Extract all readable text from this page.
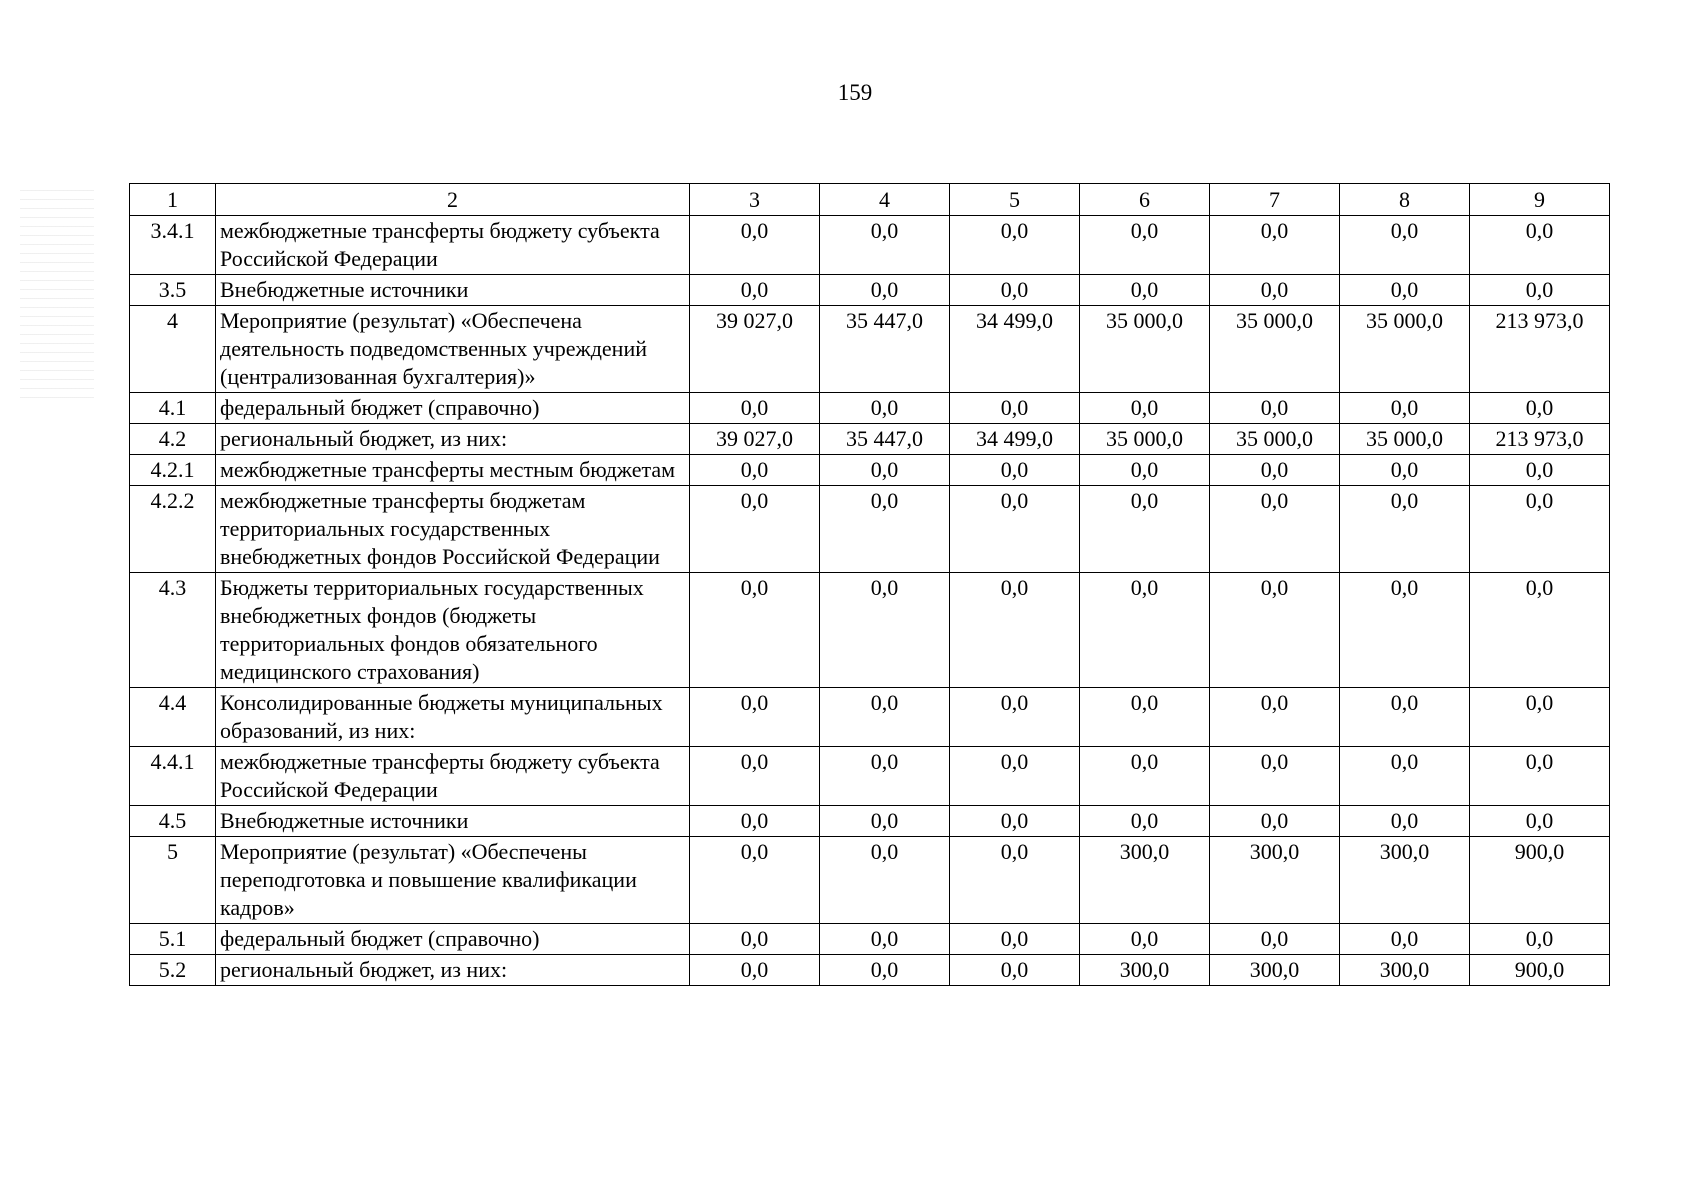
159
1	2	3	4	5	6	7	8	9
3.4.1	межбюджетные трансферты бюджету субъекта Российской Федерации	0,0	0,0	0,0	0,0	0,0	0,0	0,0
3.5	Внебюджетные источники	0,0	0,0	0,0	0,0	0,0	0,0	0,0
4	Мероприятие (результат) «Обеспечена деятельность подведомственных учреждений (централизованная бухгалтерия)»	39 027,0	35 447,0	34 499,0	35 000,0	35 000,0	35 000,0	213 973,0
4.1	федеральный бюджет (справочно)	0,0	0,0	0,0	0,0	0,0	0,0	0,0
4.2	региональный бюджет, из них:	39 027,0	35 447,0	34 499,0	35 000,0	35 000,0	35 000,0	213 973,0
4.2.1	межбюджетные трансферты местным бюджетам	0,0	0,0	0,0	0,0	0,0	0,0	0,0
4.2.2	межбюджетные трансферты бюджетам территориальных государственных внебюджетных фондов Российской Федерации	0,0	0,0	0,0	0,0	0,0	0,0	0,0
4.3	Бюджеты территориальных государственных внебюджетных фондов (бюджеты территориальных фондов обязательного медицинского страхования)	0,0	0,0	0,0	0,0	0,0	0,0	0,0
4.4	Консолидированные бюджеты муниципальных образований, из них:	0,0	0,0	0,0	0,0	0,0	0,0	0,0
4.4.1	межбюджетные трансферты бюджету субъекта Российской Федерации	0,0	0,0	0,0	0,0	0,0	0,0	0,0
4.5	Внебюджетные источники	0,0	0,0	0,0	0,0	0,0	0,0	0,0
5	Мероприятие (результат) «Обеспечены переподготовка и повышение квалификации кадров»	0,0	0,0	0,0	300,0	300,0	300,0	900,0
5.1	федеральный бюджет (справочно)	0,0	0,0	0,0	0,0	0,0	0,0	0,0
5.2	региональный бюджет, из них:	0,0	0,0	0,0	300,0	300,0	300,0	900,0
